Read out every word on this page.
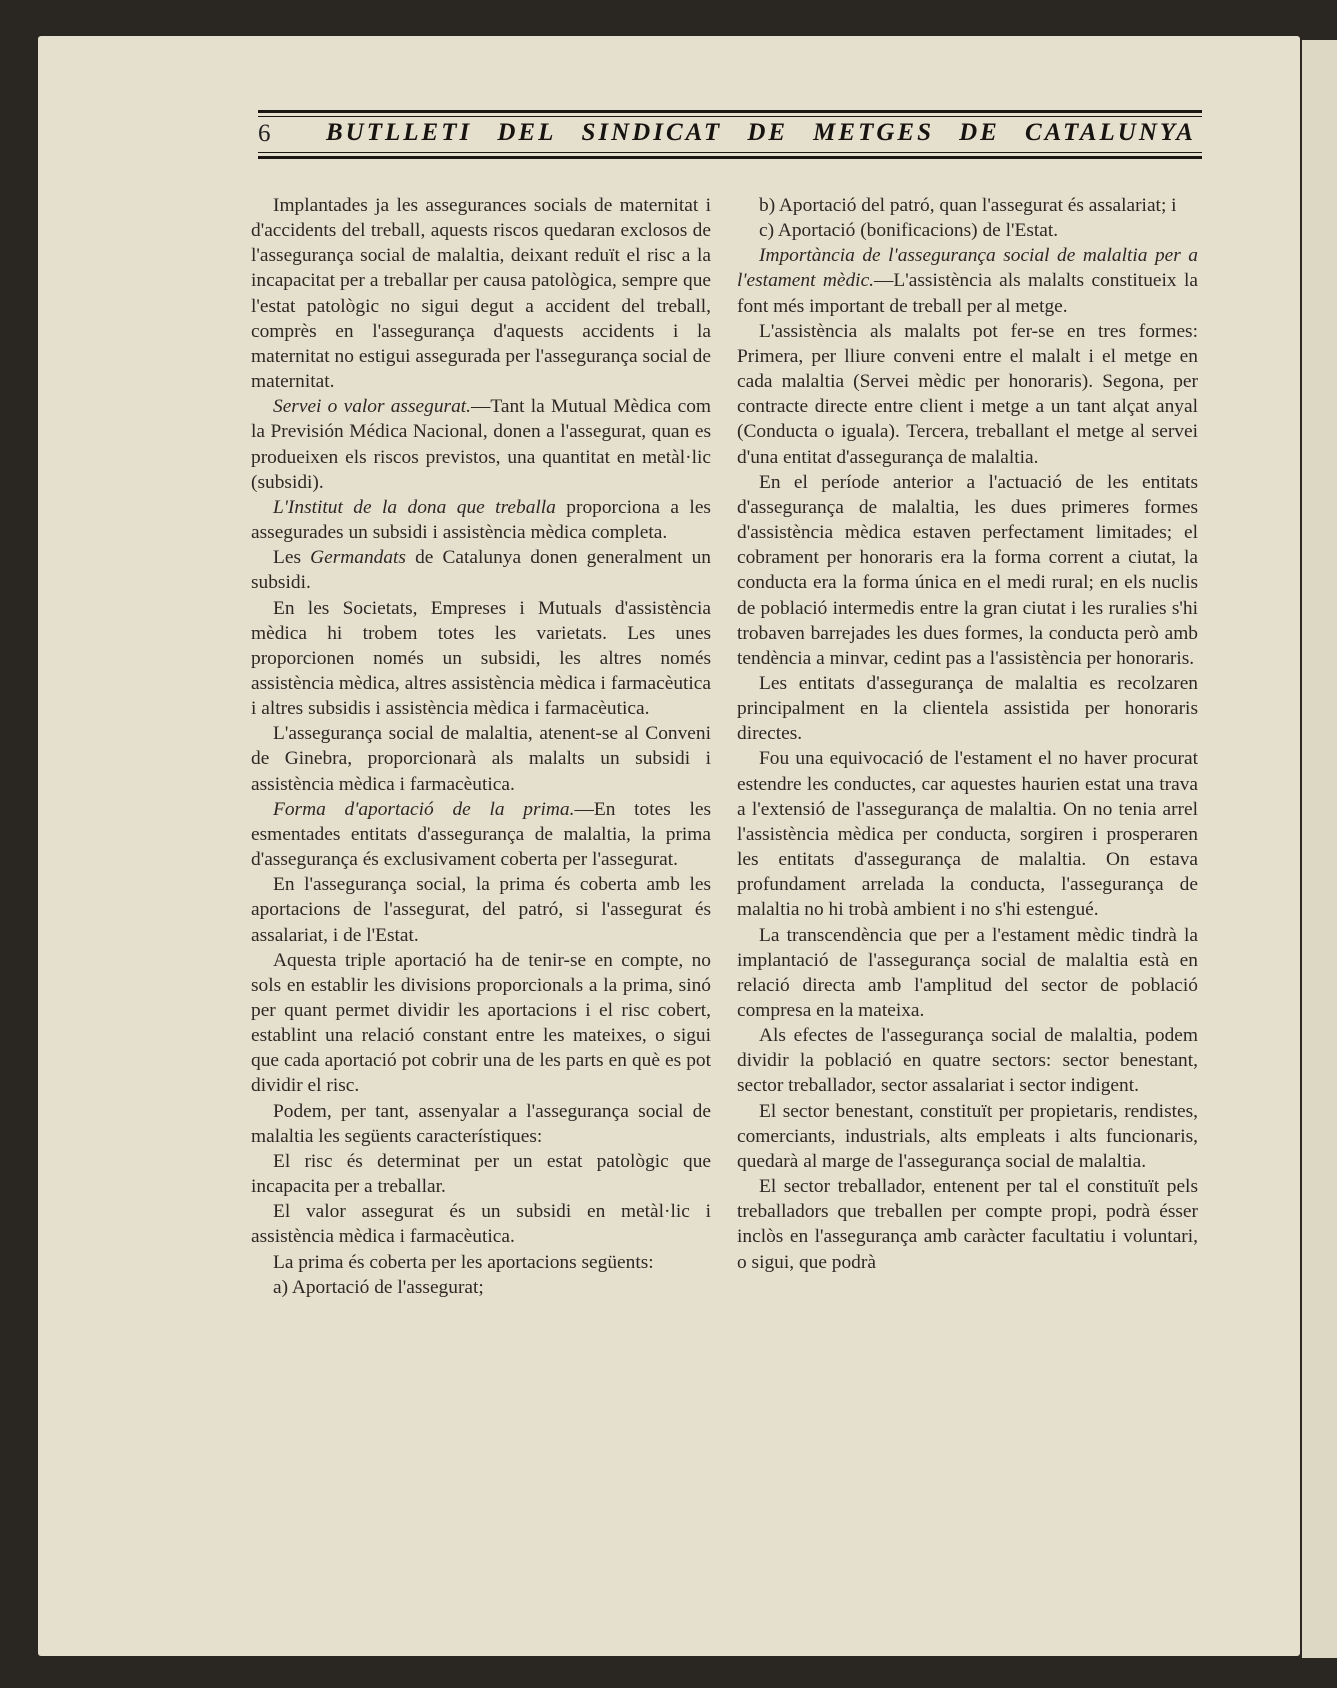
6	BUTLLETI DEL SINDICAT DE METGES DE CATALUNYA

Implantades ja les assegurances socials de maternitat i d'accidents del treball, aquests riscos quedaran exclosos de l'assegurança social de malaltia, deixant reduït el risc a la incapacitat per a treballar per causa patològica, sempre que l'estat patològic no sigui degut a accident del treball, comprès en l'assegurança d'aquests accidents i la maternitat no estigui assegurada per l'assegurança social de maternitat.

Servei o valor assegurat.—Tant la Mutual Mèdica com la Previsión Médica Nacional, donen a l'assegurat, quan es produeixen els riscos previstos, una quantitat en metàl·lic (subsidi).

L'Institut de la dona que treballa proporciona a les assegurades un subsidi i assistència mèdica completa.

Les Germandats de Catalunya donen generalment un subsidi.

En les Societats, Empreses i Mutuals d'assistència mèdica hi trobem totes les varietats. Les unes proporcionen només un subsidi, les altres només assistència mèdica, altres assistència mèdica i farmacèutica i altres subsidis i assistència mèdica i farmacèutica.

L'assegurança social de malaltia, atenent-se al Conveni de Ginebra, proporcionarà als malalts un subsidi i assistència mèdica i farmacèutica.

Forma d'aportació de la prima.—En totes les esmentades entitats d'assegurança de malaltia, la prima d'assegurança és exclusivament coberta per l'assegurat.

En l'assegurança social, la prima és coberta amb les aportacions de l'assegurat, del patró, si l'assegurat és assalariat, i de l'Estat.

Aquesta triple aportació ha de tenir-se en compte, no sols en establir les divisions proporcionals a la prima, sinó per quant permet dividir les aportacions i el risc cobert, establint una relació constant entre les mateixes, o sigui que cada aportació pot cobrir una de les parts en què es pot dividir el risc.

Podem, per tant, assenyalar a l'assegurança social de malaltia les següents característiques:

El risc és determinat per un estat patològic que incapacita per a treballar.

El valor assegurat és un subsidi en metàl·lic i assistència mèdica i farmacèutica.

La prima és coberta per les aportacions següents:

a) Aportació de l'assegurat;

b) Aportació del patró, quan l'assegurat és assalariat; i

c) Aportació (bonificacions) de l'Estat.

Importància de l'assegurança social de malaltia per a l'estament mèdic.—L'assistència als malalts constitueix la font més important de treball per al metge.

L'assistència als malalts pot fer-se en tres formes: Primera, per lliure conveni entre el malalt i el metge en cada malaltia (Servei mèdic per honoraris). Segona, per contracte directe entre client i metge a un tant alçat anyal (Conducta o iguala). Tercera, treballant el metge al servei d'una entitat d'assegurança de malaltia.

En el període anterior a l'actuació de les entitats d'assegurança de malaltia, les dues primeres formes d'assistència mèdica estaven perfectament limitades; el cobrament per honoraris era la forma corrent a ciutat, la conducta era la forma única en el medi rural; en els nuclis de població intermedis entre la gran ciutat i les ruralies s'hi trobaven barrejades les dues formes, la conducta però amb tendència a minvar, cedint pas a l'assistència per honoraris.

Les entitats d'assegurança de malaltia es recolzaren principalment en la clientela assistida per honoraris directes.

Fou una equivocació de l'estament el no haver procurat estendre les conductes, car aquestes haurien estat una trava a l'extensió de l'assegurança de malaltia. On no tenia arrel l'assistència mèdica per conducta, sorgiren i prosperaren les entitats d'assegurança de malaltia. On estava profundament arrelada la conducta, l'assegurança de malaltia no hi trobà ambient i no s'hi estengué.

La transcendència que per a l'estament mèdic tindrà la implantació de l'assegurança social de malaltia està en relació directa amb l'amplitud del sector de població compresa en la mateixa.

Als efectes de l'assegurança social de malaltia, podem dividir la població en quatre sectors: sector benestant, sector treballador, sector assalariat i sector indigent.

El sector benestant, constituït per propietaris, rendistes, comerciants, industrials, alts empleats i alts funcionaris, quedarà al marge de l'assegurança social de malaltia.

El sector treballador, entenent per tal el constituït pels treballadors que treballen per compte propi, podrà ésser inclòs en l'assegurança amb caràcter facultatiu i voluntari, o sigui, que podrà
